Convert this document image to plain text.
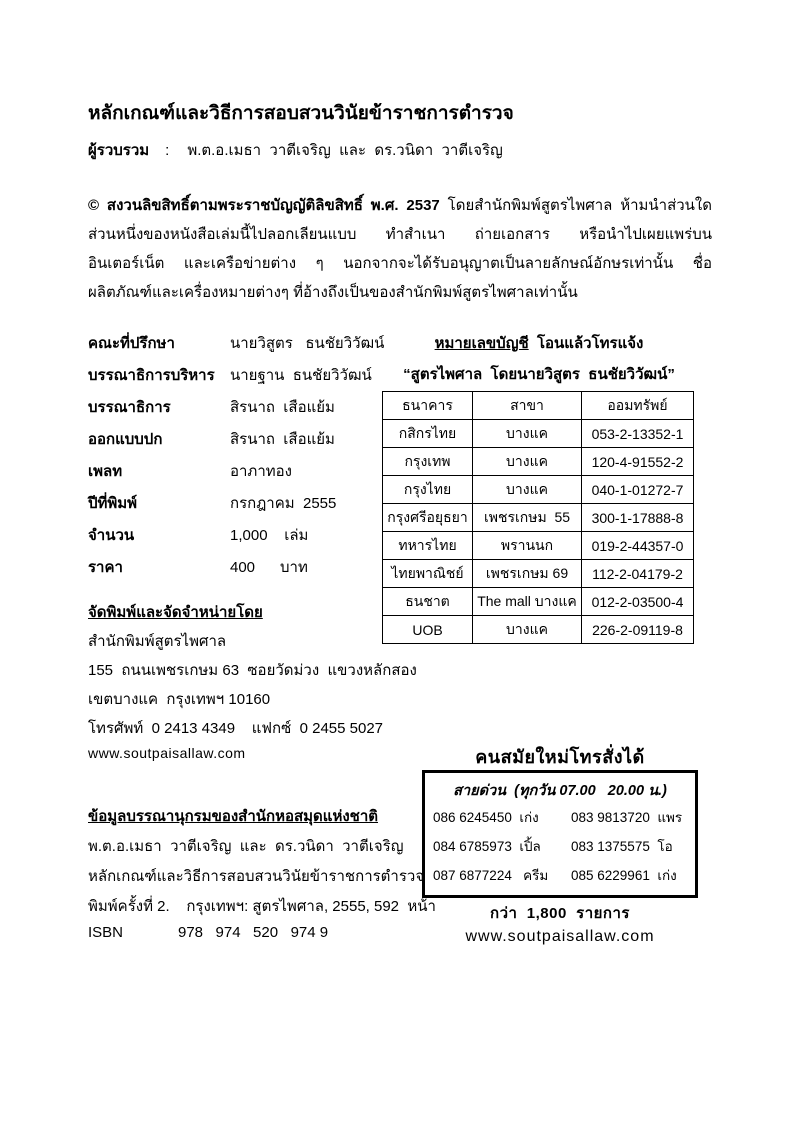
หลักเกณฑ์และวิธีการสอบสวนวินัยข้าราชการตำรวจ
ผู้รวบรวม : พ.ต.อ.เมธา  วาตีเจริญ  และ  ดร.วนิดา  วาตีเจริญ

© สงวนลิขสิทธิ์ตามพระราชบัญญัติลิขสิทธิ์ พ.ศ. 2537 โดยสำนักพิมพ์สูตรไพศาล ห้ามนำส่วนใดส่วนหนึ่งของหนังสือเล่มนี้ไปลอกเลียนแบบ ทำสำเนา ถ่ายเอกสาร หรือนำไปเผยแพร่บนอินเตอร์เน็ต และเครือข่ายต่าง ๆ นอกจากจะได้รับอนุญาตเป็นลายลักษณ์อักษรเท่านั้น ชื่อผลิตภัณฑ์และเครื่องหมายต่างๆ ที่อ้างถึงเป็นของสำนักพิมพ์สูตรไพศาลเท่านั้น

คณะที่ปรึกษา	นายวิสูตร   ธนชัยวิวัฒน์
บรรณาธิการบริหาร	นายฐาน  ธนชัยวิวัฒน์
บรรณาธิการ	สิรนาถ  เสือแย้ม
ออกแบบปก	สิรนาถ  เสือแย้ม
เพลท	อาภาทอง
ปีที่พิมพ์	กรกฎาคม  2555
จำนวน	1,000    เล่ม
ราคา	400      บาท
หมายเลขบัญชี  โอนแล้วโทรแจ้ง
“สูตรไพศาล  โดยนายวิสูตร  ธนชัยวิวัฒน์”
ธนาคาร	สาขา	ออมทรัพย์
กสิกรไทย	บางแค	053-2-13352-1
กรุงเทพ	บางแค	120-4-91552-2
กรุงไทย	บางแค	040-1-01272-7
กรุงศรีอยุธยา	เพชรเกษม  55	300-1-17888-8
ทหารไทย	พรานนก	019-2-44357-0
ไทยพาณิชย์	เพชรเกษม 69	112-2-04179-2
ธนชาต	The mall บางแค	012-2-03500-4
UOB	บางแค	226-2-09119-8
จัดพิมพ์และจัดจำหน่ายโดย
สำนักพิมพ์สูตรไพศาล
155  ถนนเพชรเกษม 63  ซอยวัดม่วง  แขวงหลักสอง
เขตบางแค  กรุงเทพฯ 10160
โทรศัพท์  0 2413 4349    แฟกซ์  0 2455 5027
www.soutpaisallaw.com
ข้อมูลบรรณานุกรมของสำนักหอสมุดแห่งชาติ
พ.ต.อ.เมธา  วาตีเจริญ  และ  ดร.วนิดา  วาตีเจริญ
หลักเกณฑ์และวิธีการสอบสวนวินัยข้าราชการตำรวจ
พิมพ์ครั้งที่ 2.    กรุงเทพฯ: สูตรไพศาล, 2555, 592  หน้า
ISBN	978   974   520   974 9
คนสมัยใหม่โทรสั่งได้
สายด่วน  (ทุกวัน 07.00   20.00 น.)
086 6245450  เก่ง	083 9813720  แพร
084 6785973  เปิ้ล	083 1375575  โอ
087 6877224   ครีม	085 6229961  เก่ง
กว่า  1,800  รายการ
www.soutpaisallaw.com
